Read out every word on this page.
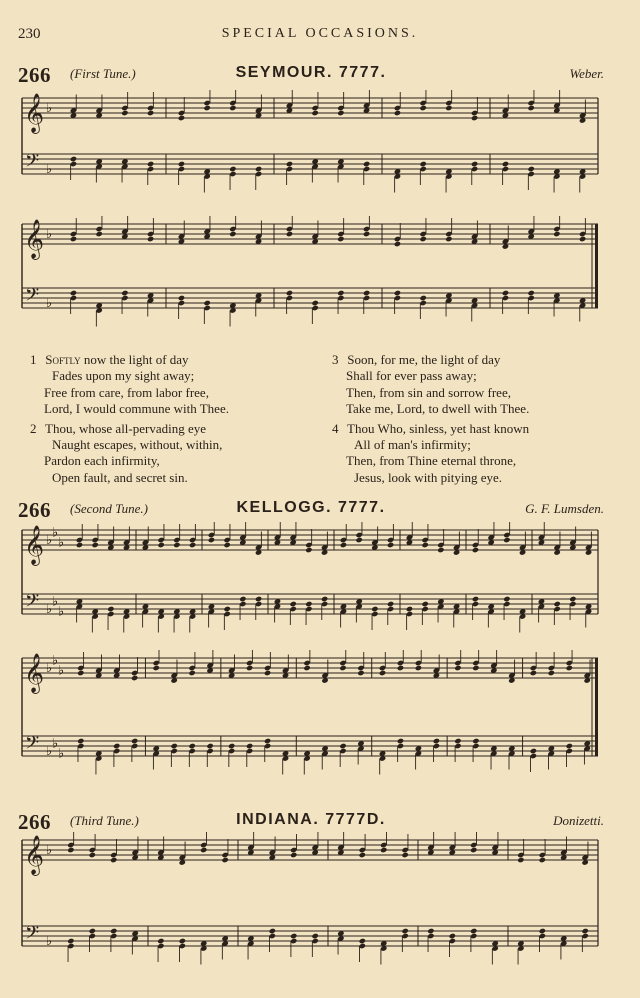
230	SPECIAL OCCASIONS.
266 (First Tune.)	SEYMOUR. 7777.	Weber.
𝄞
𝄢
♭
♭
𝄞
𝄢
♭
♭
1 Softly now the light of day
Fades upon my sight away;
Free from care, from labor free,
Lord, I would commune with Thee.
2 Thou, whose all-pervading eye
Naught escapes, without, within,
Pardon each infirmity,
Open fault, and secret sin.
3 Soon, for me, the light of day
Shall for ever pass away;
Then, from sin and sorrow free,
Take me, Lord, to dwell with Thee.
4 Thou Who, sinless, yet hast known
All of man's infirmity;
Then, from Thine eternal throne,
Jesus, look with pitying eye.
266 (Second Tune.)	KELLOGG. 7777.	G. F. Lumsden.
𝄞
𝄢
♭
♭
♭
♭
♭
♭
𝄞
𝄢
♭
♭
♭
♭
♭
♭
266 (Third Tune.)	INDIANA. 7777D.	Donizetti.
𝄞
𝄢
♭
♭
